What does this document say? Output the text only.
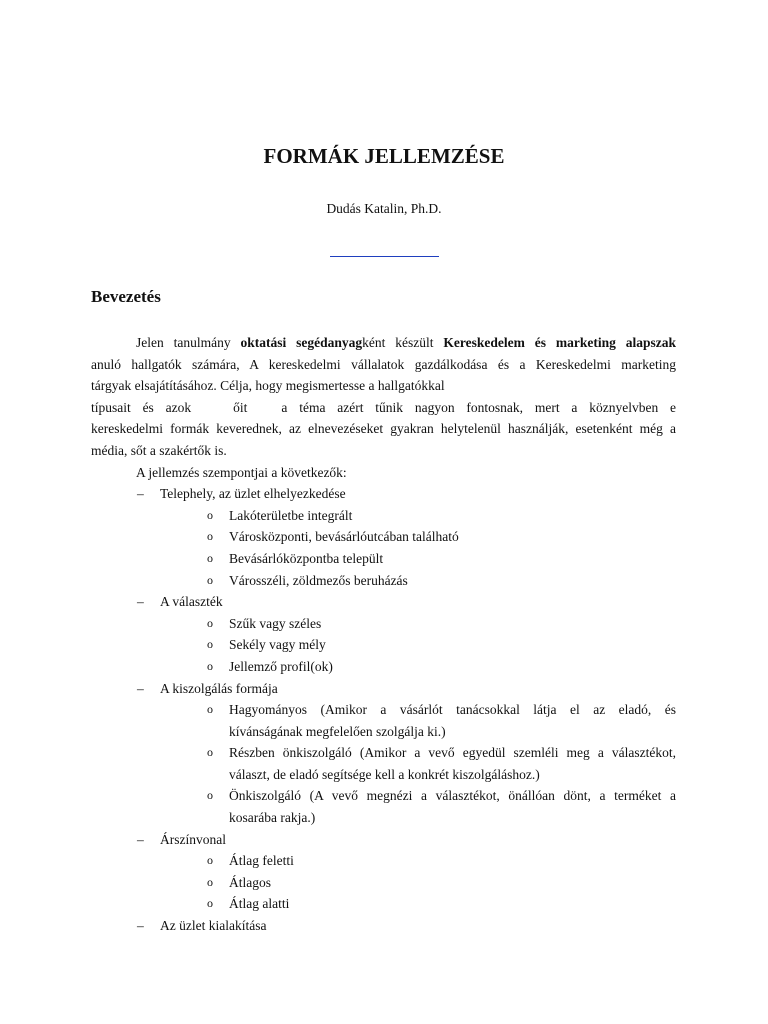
FORMÁK JELLEMZÉSE

Dudás Katalin, Ph.D.

Bevezetés

Jelen tanulmány oktatási segédanyagként készült Kereskedelem és marketing alapszak

anuló hallgatók számára, A kereskedelmi vállalatok gazdálkodása és a Kereskedelmi marketing

tárgyak elsajátításához. Célja, hogy megismertesse a hallgatókkal

típusait és azok	őit	a téma azért tűnik nagyon fontosnak, mert a köznyelvben e

kereskedelmi formák keverednek, az elnevezéseket gyakran helytelenül használják, esetenként még a

média, sőt a szakértők is.

A jellemzés szempontjai a következők:

– Telephely, az üzlet elhelyezkedése
o Lakóterületbe integrált
o Városközponti, bevásárlóutcában található
o Bevásárlóközpontba települt
o Városszéli, zöldmezős beruházás
– A választék
o Szűk vagy széles
o Sekély vagy mély
o Jellemző profil(ok)
– A kiszolgálás formája
o Hagyományos (Amikor a vásárlót tanácsokkal látja el az eladó, és
kívánságának megfelelően szolgálja ki.)
o Részben önkiszolgáló (Amikor a vevő egyedül szemléli meg a választékot,
választ, de eladó segítsége kell a konkrét kiszolgáláshoz.)
o Önkiszolgáló (A vevő megnézi a választékot, önállóan dönt, a terméket a
kosarába rakja.)
– Árszínvonal
o Átlag feletti
o Átlagos
o Átlag alatti
– Az üzlet kialakítása
